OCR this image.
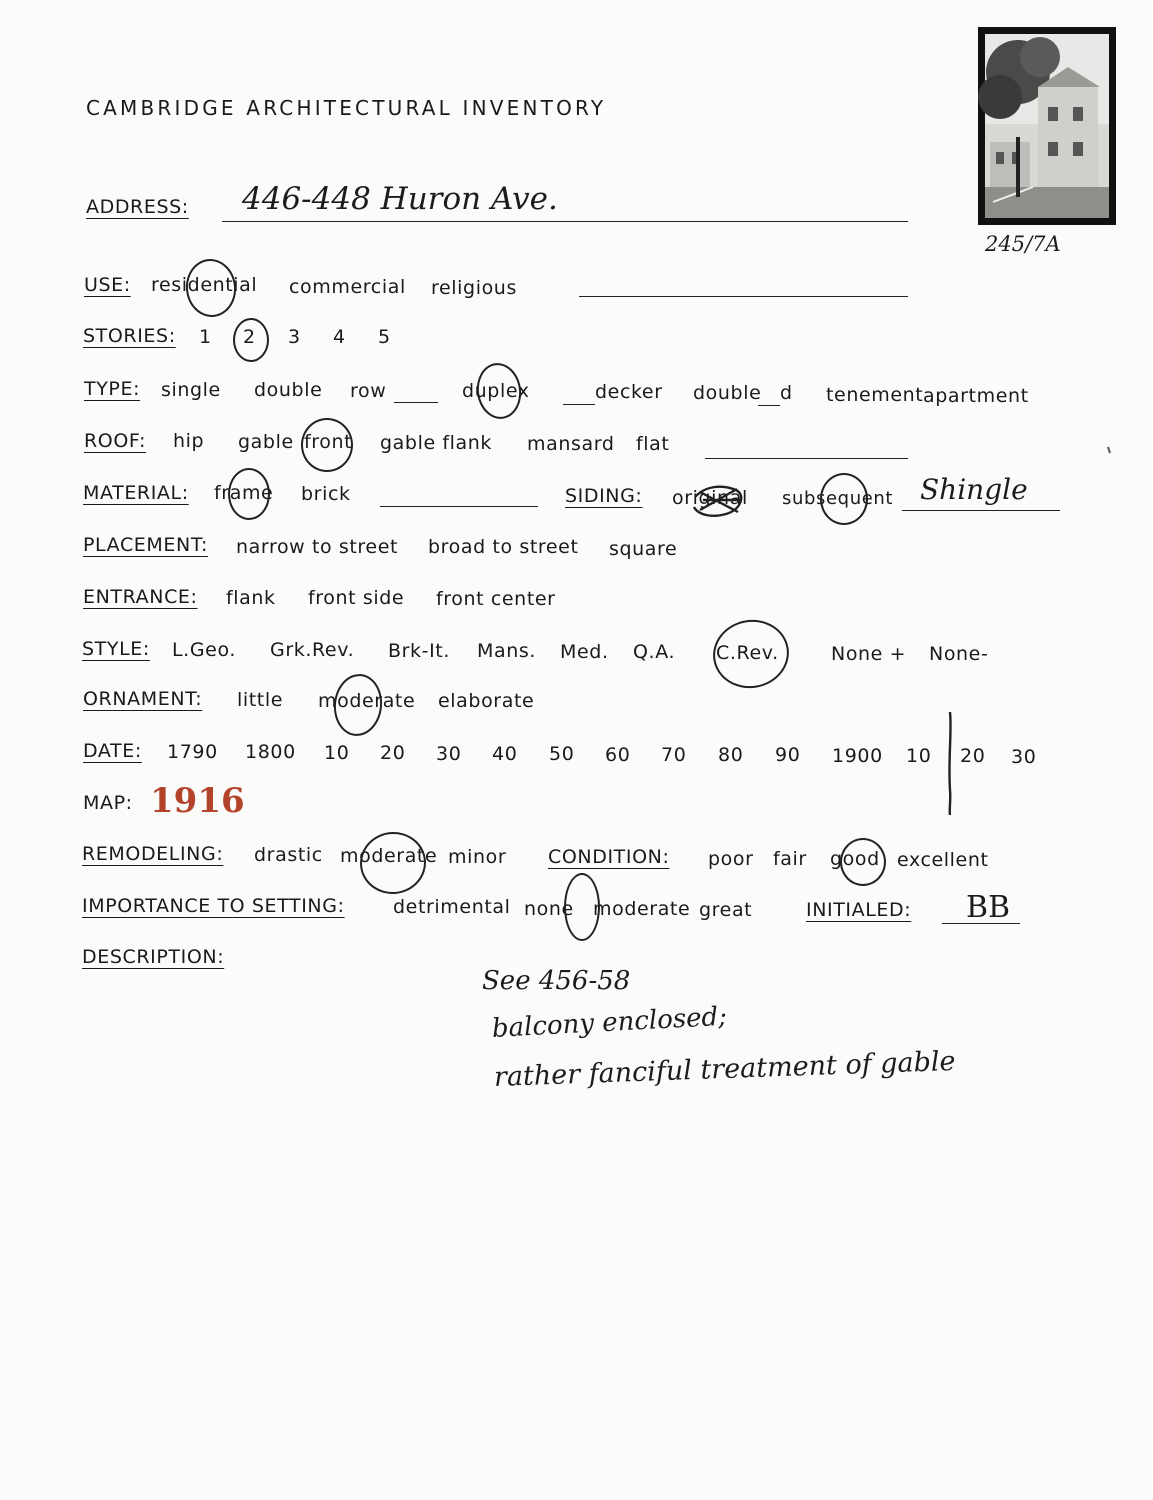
CAMBRIDGE ARCHITECTURAL INVENTORY
245/7A
ADDRESS: 446-448 Huron Ave.
USE: residential commercial religious
STORIES: 1 2 3 4 5
TYPE: single double row	duplex	decker double d tenement apartment
ROOF: hip gable front gable flank mansard flat
MATERIAL: frame brick	SIDING: original subsequent Shingle
PLACEMENT: narrow to street broad to street square
ENTRANCE: flank front side front center
STYLE: L.Geo. Grk.Rev. Brk-It. Mans. Med. Q.A. C.Rev.	None + None-
ORNAMENT: little moderate elaborate
DATE: 1790 1800 10 20 30 40 50 60 70 80 90 1900 10 20 30
MAP: 1916
REMODELING: drastic moderate minor CONDITION: poor fair good excellent
IMPORTANCE TO SETTING:	detrimental none moderate great	INITIALED: BB
DESCRIPTION:
See 456-58
balcony enclosed;
rather fanciful treatment of gable
